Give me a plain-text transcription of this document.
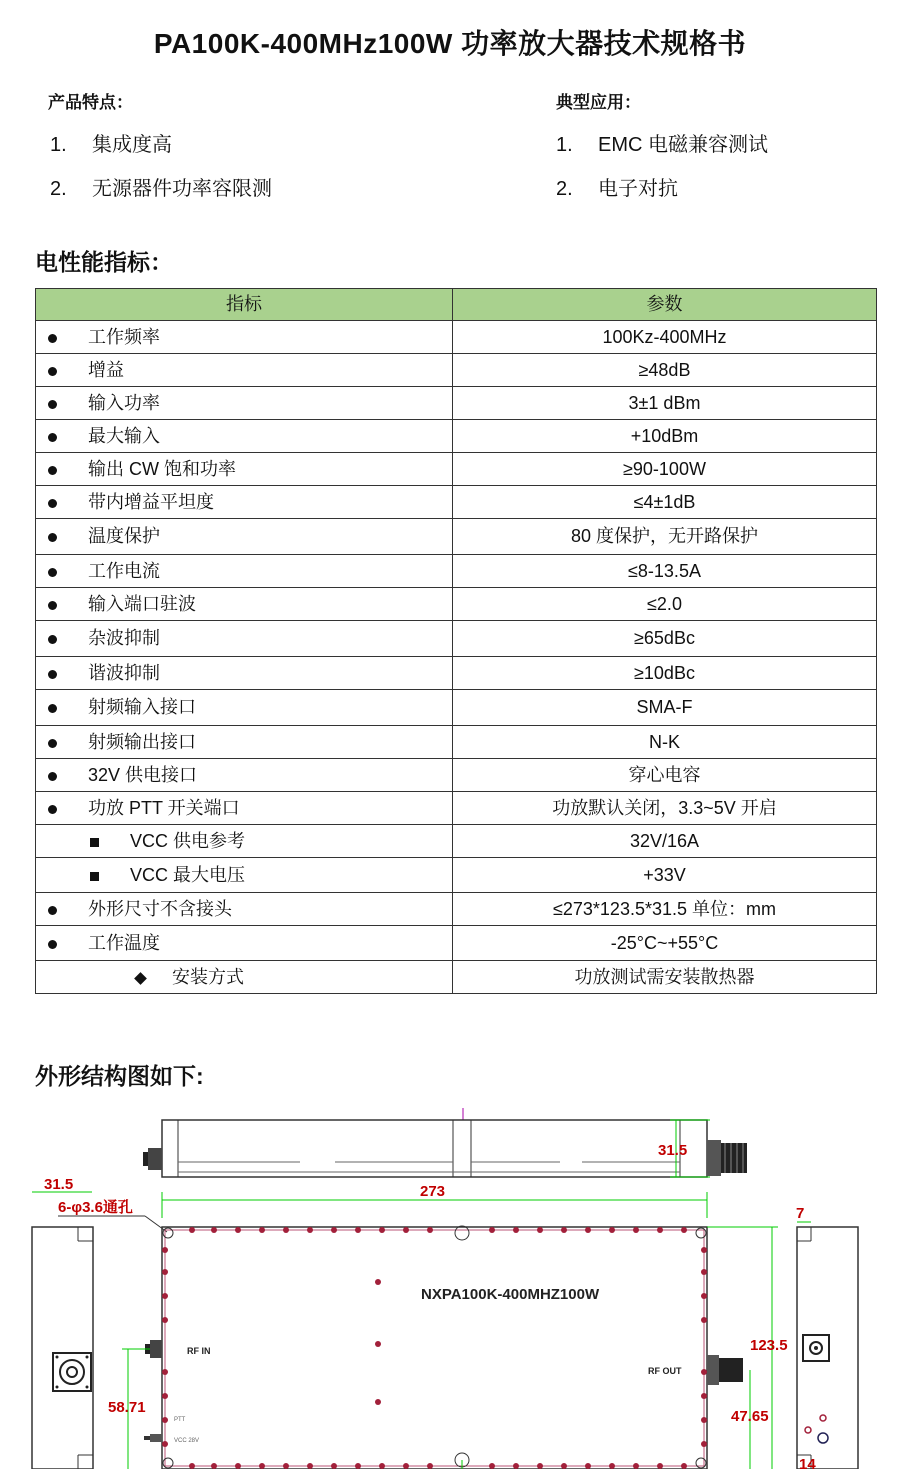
PA100K-400MHz100W 功率放大器技术规格书
产品特点：	典型应用：
1. 集成度高
2. 无源器件功率容限测
1. EMC 电磁兼容测试
2. 电子对抗
电性能指标：
指标	参数

工作频率	100Kz-400MHz

增益	≥48dB

输入功率	3±1 dBm

最大输入	+10dBm

输出 CW 饱和功率	≥90-100W

带内增益平坦度	≤4±1dB

温度保护	80 度保护，无开路保护

工作电流	≤8-13.5A

输入端口驻波	≤2.0

杂波抑制	≥65dBc

谐波抑制	≥10dBc

射频输入接口	SMA-F

射频输出接口	N-K

32V 供电接口	穿心电容

功放 PTT 开关端口	功放默认关闭，3.3~5V 开启

VCC 供电参考	32V/16A

VCC 最大电压	+33V

外形尺寸不含接头	≤273*123.5*31.5 单位：mm

工作温度	-25°C~+55°C

安装方式	功放测试需安装散热器
外形结构图如下:
31.5
273
31.5
6-φ3.6通孔
NXPA100K-400MHZ100W
RF IN
RF OUT
PTT
VCC 28V
58.71
123.5
47.65
7
14
